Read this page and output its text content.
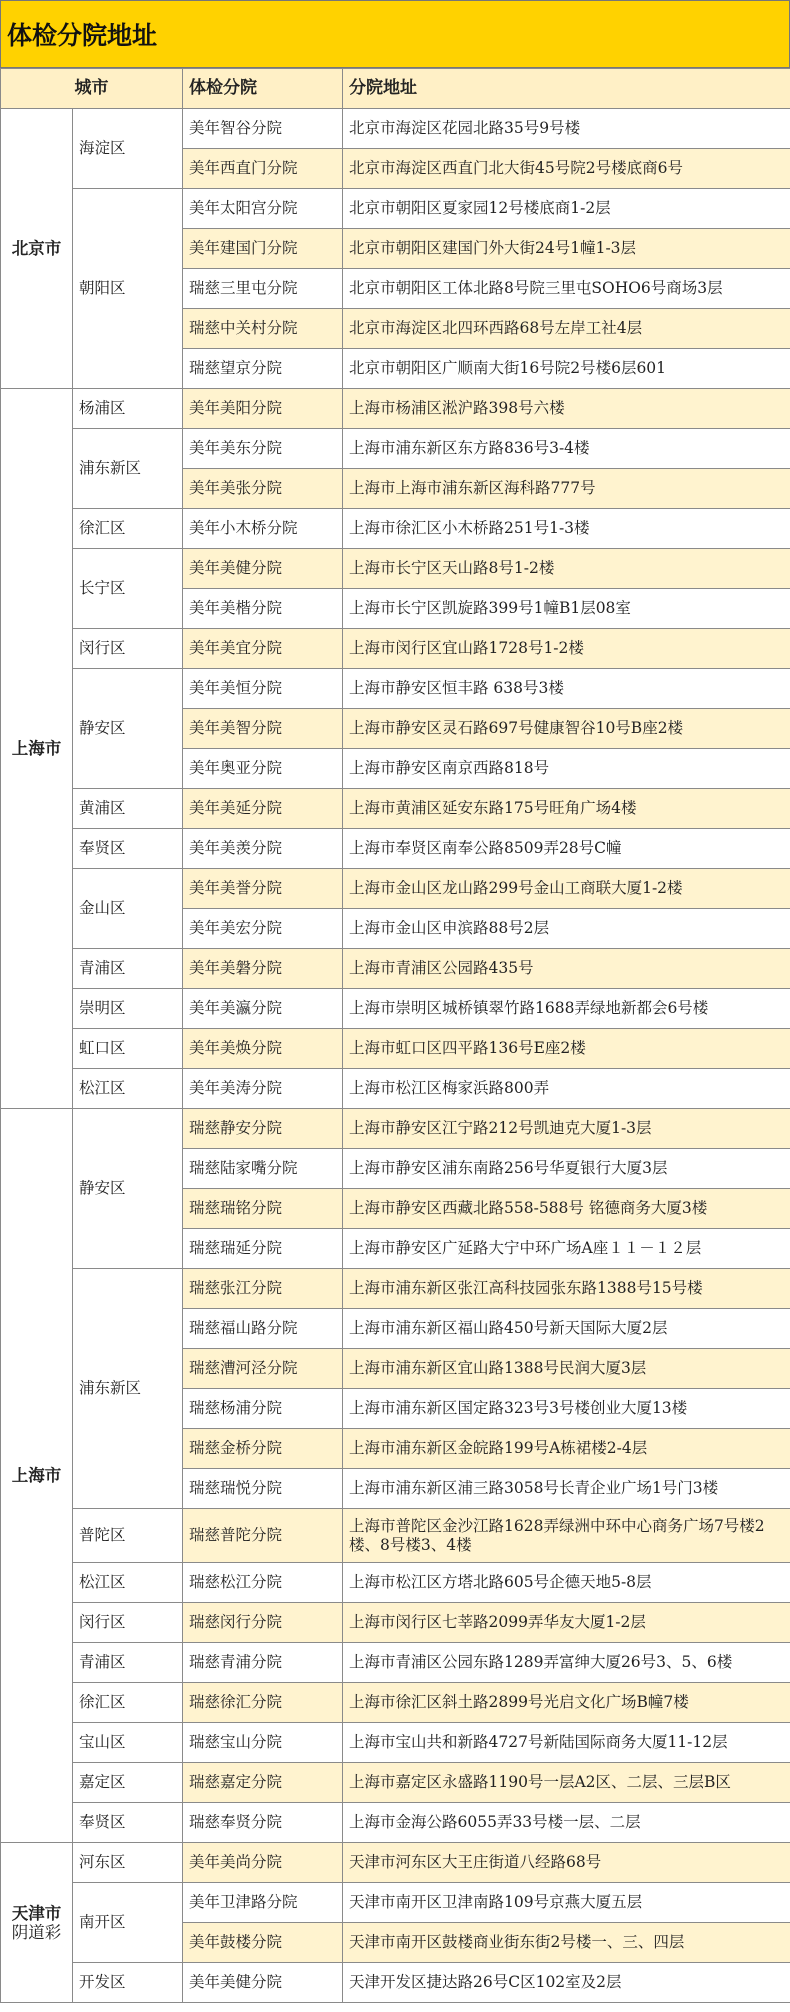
体检分院地址
城市		体检分院	分院地址

北京市	海淀区	美年智谷分院	北京市海淀区花园北路35号9号楼
		美年西直门分院	北京市海淀区西直门北大街45号院2号楼底商6号
	朝阳区	美年太阳宫分院	北京市朝阳区夏家园12号楼底商1-2层
		美年建国门分院	北京市朝阳区建国门外大街24号1幢1-3层
		瑞慈三里屯分院	北京市朝阳区工体北路8号院三里屯SOHO6号商场3层
		瑞慈中关村分院	北京市海淀区北四环西路68号左岸工社4层
		瑞慈望京分院	北京市朝阳区广顺南大街16号院2号楼6层601

上海市	杨浦区	美年美阳分院	上海市杨浦区淞沪路398号六楼
	浦东新区	美年美东分院	上海市浦东新区东方路836号3-4楼
		美年美张分院	上海市上海市浦东新区海科路777号
	徐汇区	美年小木桥分院	上海市徐汇区小木桥路251号1-3楼
	长宁区	美年美健分院	上海市长宁区天山路8号1-2楼
		美年美楷分院	上海市长宁区凯旋路399号1幢B1层08室
	闵行区	美年美宜分院	上海市闵行区宜山路1728号1-2楼
	静安区	美年美恒分院	上海市静安区恒丰路 638号3楼
		美年美智分院	上海市静安区灵石路697号健康智谷10号B座2楼
		美年奥亚分院	上海市静安区南京西路818号
	黄浦区	美年美延分院	上海市黄浦区延安东路175号旺角广场4楼
	奉贤区	美年美羡分院	上海市奉贤区南奉公路8509弄28号C幢
	金山区	美年美誉分院	上海市金山区龙山路299号金山工商联大厦1-2楼
		美年美宏分院	上海市金山区申滨路88号2层
	青浦区	美年美磐分院	上海市青浦区公园路435号
	崇明区	美年美瀛分院	上海市崇明区城桥镇翠竹路1688弄绿地新都会6号楼
	虹口区	美年美焕分院	上海市虹口区四平路136号E座2楼
	松江区	美年美涛分院	上海市松江区梅家浜路800弄

上海市	静安区	瑞慈静安分院	上海市静安区江宁路212号凯迪克大厦1-3层
		瑞慈陆家嘴分院	上海市静安区浦东南路256号华夏银行大厦3层
		瑞慈瑞铭分院	上海市静安区西藏北路558-588号 铭德商务大厦3楼
		瑞慈瑞延分院	上海市静安区广延路大宁中环广场A座１１－１２层
	浦东新区	瑞慈张江分院	上海市浦东新区张江高科技园张东路1388号15号楼
		瑞慈福山路分院	上海市浦东新区福山路450号新天国际大厦2层
		瑞慈漕河泾分院	上海市浦东新区宜山路1388号民润大厦3层
		瑞慈杨浦分院	上海市浦东新区国定路323号3号楼创业大厦13楼
		瑞慈金桥分院	上海市浦东新区金皖路199号A栋裙楼2-4层
		瑞慈瑞悦分院	上海市浦东新区浦三路3058号长青企业广场1号门3楼
	普陀区	瑞慈普陀分院	上海市普陀区金沙江路1628弄绿洲中环中心商务广场7号楼2楼、8号楼3、4楼
	松江区	瑞慈松江分院	上海市松江区方塔北路605号企德天地5-8层
	闵行区	瑞慈闵行分院	上海市闵行区七莘路2099弄华友大厦1-2层
	青浦区	瑞慈青浦分院	上海市青浦区公园东路1289弄富绅大厦26号3、5、6楼
	徐汇区	瑞慈徐汇分院	上海市徐汇区斜土路2899号光启文化广场B幢7楼
	宝山区	瑞慈宝山分院	上海市宝山共和新路4727号新陆国际商务大厦11-12层
	嘉定区	瑞慈嘉定分院	上海市嘉定区永盛路1190号一层A2区、二层、三层B区
	奉贤区	瑞慈奉贤分院	上海市金海公路6055弄33号楼一层、二层

天津市
阴道彩	河东区	美年美尚分院	天津市河东区大王庄街道八经路68号
	南开区	美年卫津路分院	天津市南开区卫津南路109号京燕大厦五层
		美年鼓楼分院	天津市南开区鼓楼商业街东街2号楼一、三、四层
	开发区	美年美健分院	天津开发区捷达路26号C区102室及2层
